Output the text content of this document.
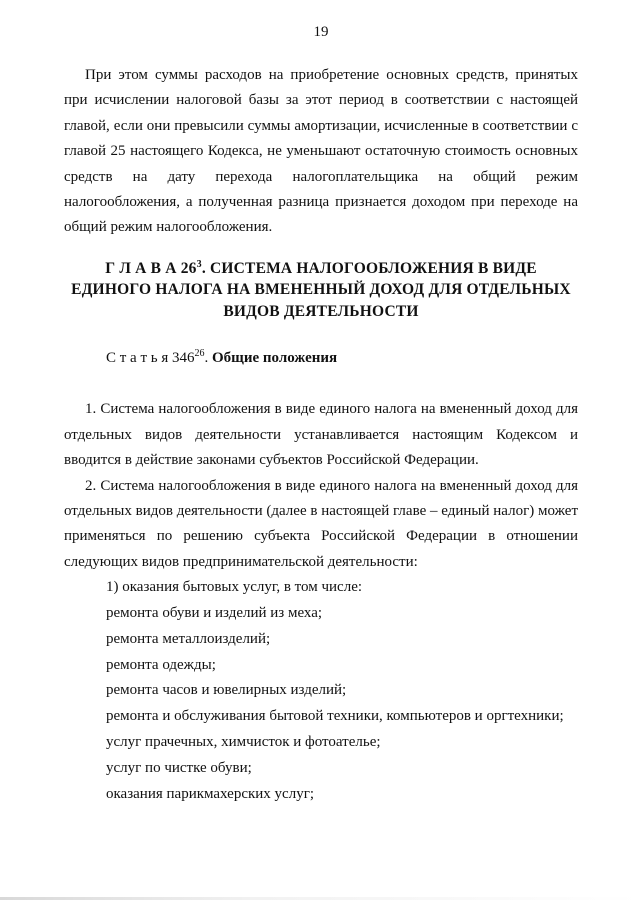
19

При этом суммы расходов на приобретение основных средств, принятых при исчислении налоговой базы за этот период в соответствии с настоящей главой, если они превысили суммы амортизации, исчисленные в соответствии с главой 25 настоящего Кодекса, не уменьшают остаточную стоимость основных средств на дату перехода налогоплательщика на общий режим налогообложения, а полученная разница признается доходом при переходе на общий режим налогообложения.

Г Л А В А $26^3$. СИСТЕМА НАЛОГООБЛОЖЕНИЯ В ВИДЕ ЕДИНОГО НАЛОГА НА ВМЕНЕННЫЙ ДОХОД ДЛЯ ОТДЕЛЬНЫХ ВИДОВ ДЕЯТЕЛЬНОСТИ

С т а т ь я $346^{26}$. Общие положения

1. Система налогообложения в виде единого налога на вмененный доход для отдельных видов деятельности устанавливается настоящим Кодексом и вводится в действие законами субъектов Российской Федерации.

2. Система налогообложения в виде единого налога на вмененный доход для отдельных видов деятельности (далее в настоящей главе – единый налог) может применяться по решению субъекта Российской Федерации в отношении следующих видов предпринимательской деятельности:

1) оказания бытовых услуг, в том числе:

ремонта обуви и изделий из меха;

ремонта металлоизделий;

ремонта одежды;

ремонта часов и ювелирных изделий;

ремонта и обслуживания бытовой техники, компьютеров и оргтехники;

услуг прачечных, химчисток и фотоателье;

услуг по чистке обуви;

оказания парикмахерских услуг;
